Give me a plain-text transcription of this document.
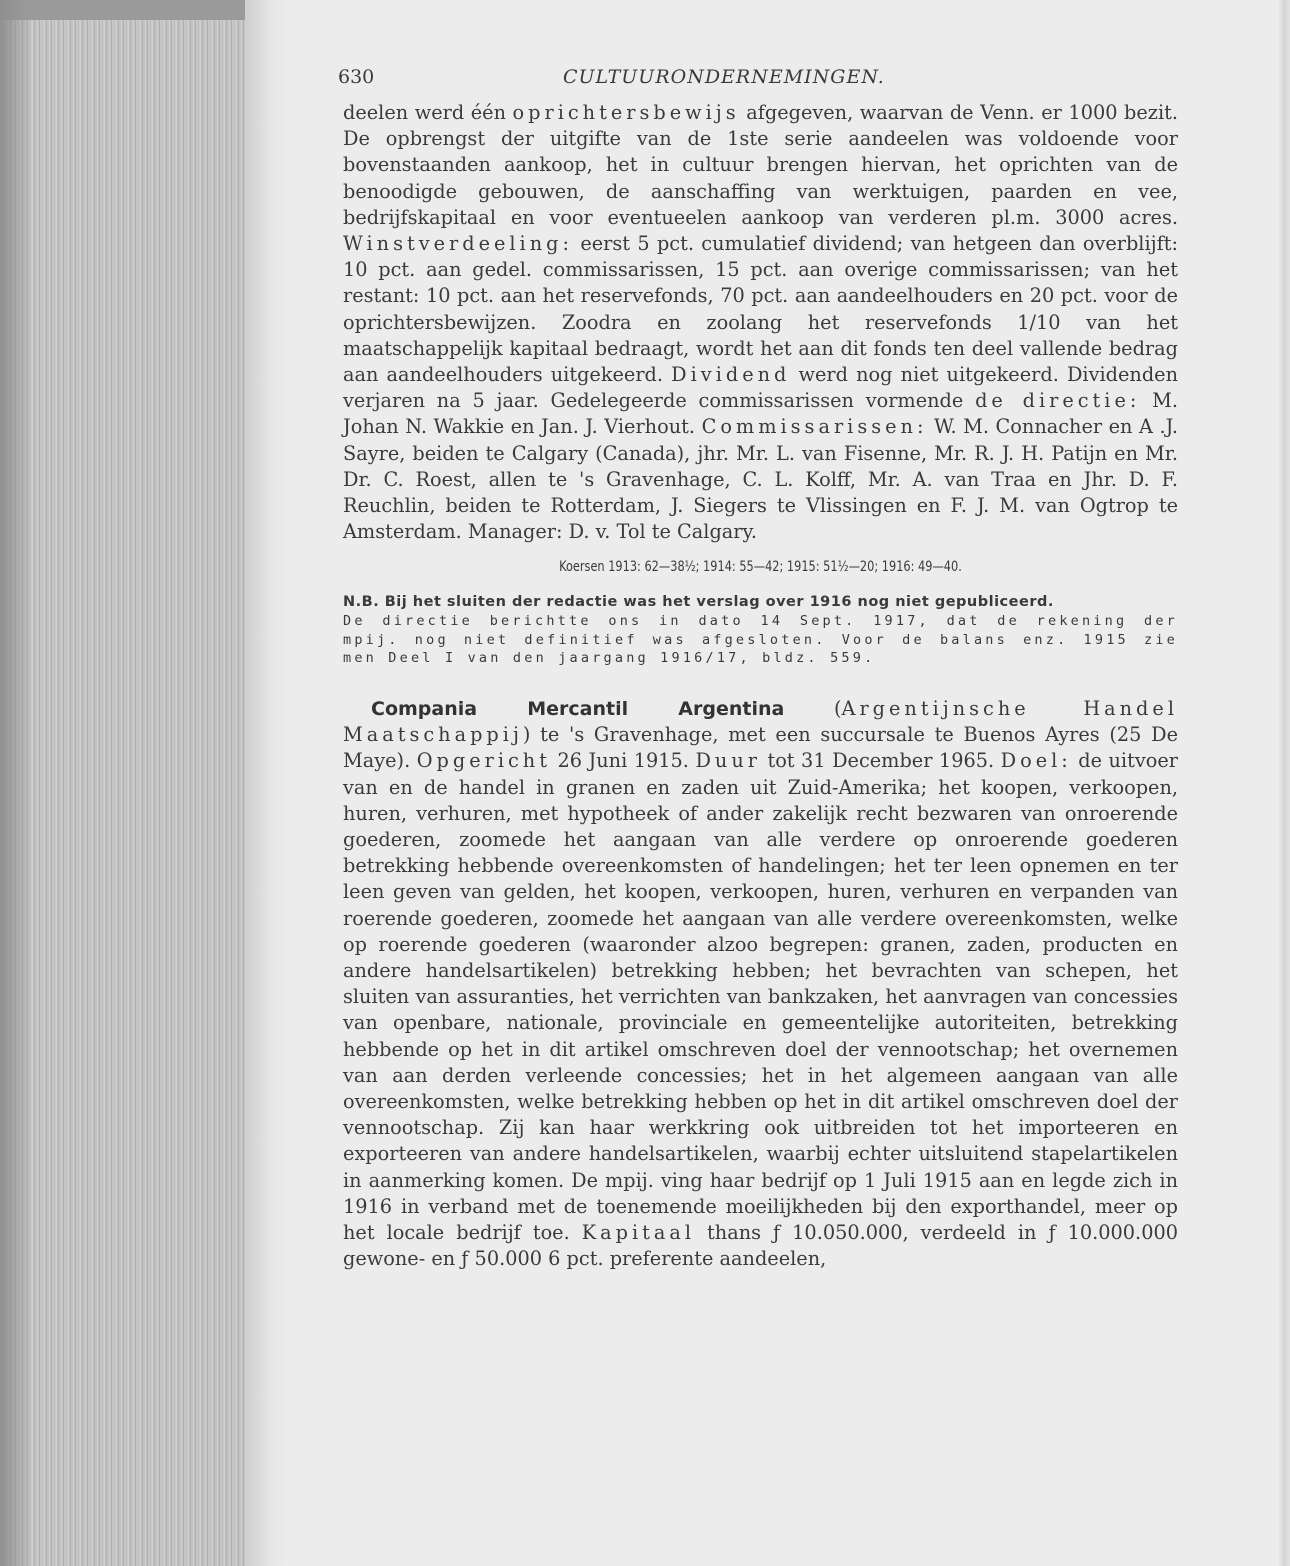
630	CULTUURONDERNEMINGEN.

deelen werd één oprichtersbewijs afgegeven, waarvan de Venn. er 1000 bezit. De opbrengst der uitgifte van de 1ste serie aandeelen was voldoende voor bovenstaanden aankoop, het in cultuur brengen hiervan, het oprichten van de benoodigde gebouwen, de aanschaffing van werktuigen, paarden en vee, bedrijfskapitaal en voor eventueelen aankoop van verderen pl.m. 3000 acres. Winstverdeeling: eerst 5 pct. cumulatief dividend; van hetgeen dan overblijft: 10 pct. aan gedel. commissarissen, 15 pct. aan overige commissarissen; van het restant: 10 pct. aan het reservefonds, 70 pct. aan aandeelhouders en 20 pct. voor de oprichtersbewijzen. Zoodra en zoolang het reservefonds 1/10 van het maatschappelijk kapitaal bedraagt, wordt het aan dit fonds ten deel vallende bedrag aan aandeelhouders uitgekeerd. Dividend werd nog niet uitgekeerd. Dividenden verjaren na 5 jaar. Gedelegeerde commissarissen vormende de directie: M. Johan N. Wakkie en Jan. J. Vierhout. Commissarissen: W. M. Connacher en A .J. Sayre, beiden te Calgary (Canada), jhr. Mr. L. van Fisenne, Mr. R. J. H. Patijn en Mr. Dr. C. Roest, allen te 's Gravenhage, C. L. Kolff, Mr. A. van Traa en Jhr. D. F. Reuchlin, beiden te Rotterdam, J. Siegers te Vlissingen en F. J. M. van Ogtrop te Amsterdam. Manager: D. v. Tol te Calgary.

Koersen 1913: 62—38½; 1914: 55—42; 1915: 51½—20; 1916: 49—40.

N.B. Bij het sluiten der redactie was het verslag over 1916 nog niet gepubliceerd.

De directie berichtte ons in dato 14 Sept. 1917, dat de rekening der mpij. nog niet definitief was afgesloten. Voor de balans enz. 1915 zie men Deel I van den jaargang 1916/17, bldz. 559.

Compania Mercantil Argentina (Argentijnsche Handel Maatschappij) te 's Gravenhage, met een succursale te Buenos Ayres (25 De Maye). Opgericht 26 Juni 1915. Duur tot 31 December 1965. Doel: de uitvoer van en de handel in granen en zaden uit Zuid-Amerika; het koopen, verkoopen, huren, verhuren, met hypotheek of ander zakelijk recht bezwaren van onroerende goederen, zoomede het aangaan van alle verdere op onroerende goederen betrekking hebbende overeenkomsten of handelingen; het ter leen opnemen en ter leen geven van gelden, het koopen, verkoopen, huren, verhuren en verpanden van roerende goederen, zoomede het aangaan van alle verdere overeenkomsten, welke op roerende goederen (waaronder alzoo begrepen: granen, zaden, producten en andere handelsartikelen) betrekking hebben; het bevrachten van schepen, het sluiten van assuranties, het verrichten van bankzaken, het aanvragen van concessies van openbare, nationale, provinciale en gemeentelijke autoriteiten, betrekking hebbende op het in dit artikel omschreven doel der vennootschap; het overnemen van aan derden verleende concessies; het in het algemeen aangaan van alle overeenkomsten, welke betrekking hebben op het in dit artikel omschreven doel der vennootschap. Zij kan haar werkkring ook uitbreiden tot het importeeren en exporteeren van andere handelsartikelen, waarbij echter uitsluitend stapelartikelen in aanmerking komen. De mpij. ving haar bedrijf op 1 Juli 1915 aan en legde zich in 1916 in verband met de toenemende moeilijkheden bij den exporthandel, meer op het locale bedrijf toe. Kapitaal thans ƒ 10.050.000, verdeeld in ƒ 10.000.000 gewone- en ƒ 50.000 6 pct. preferente aandeelen,
